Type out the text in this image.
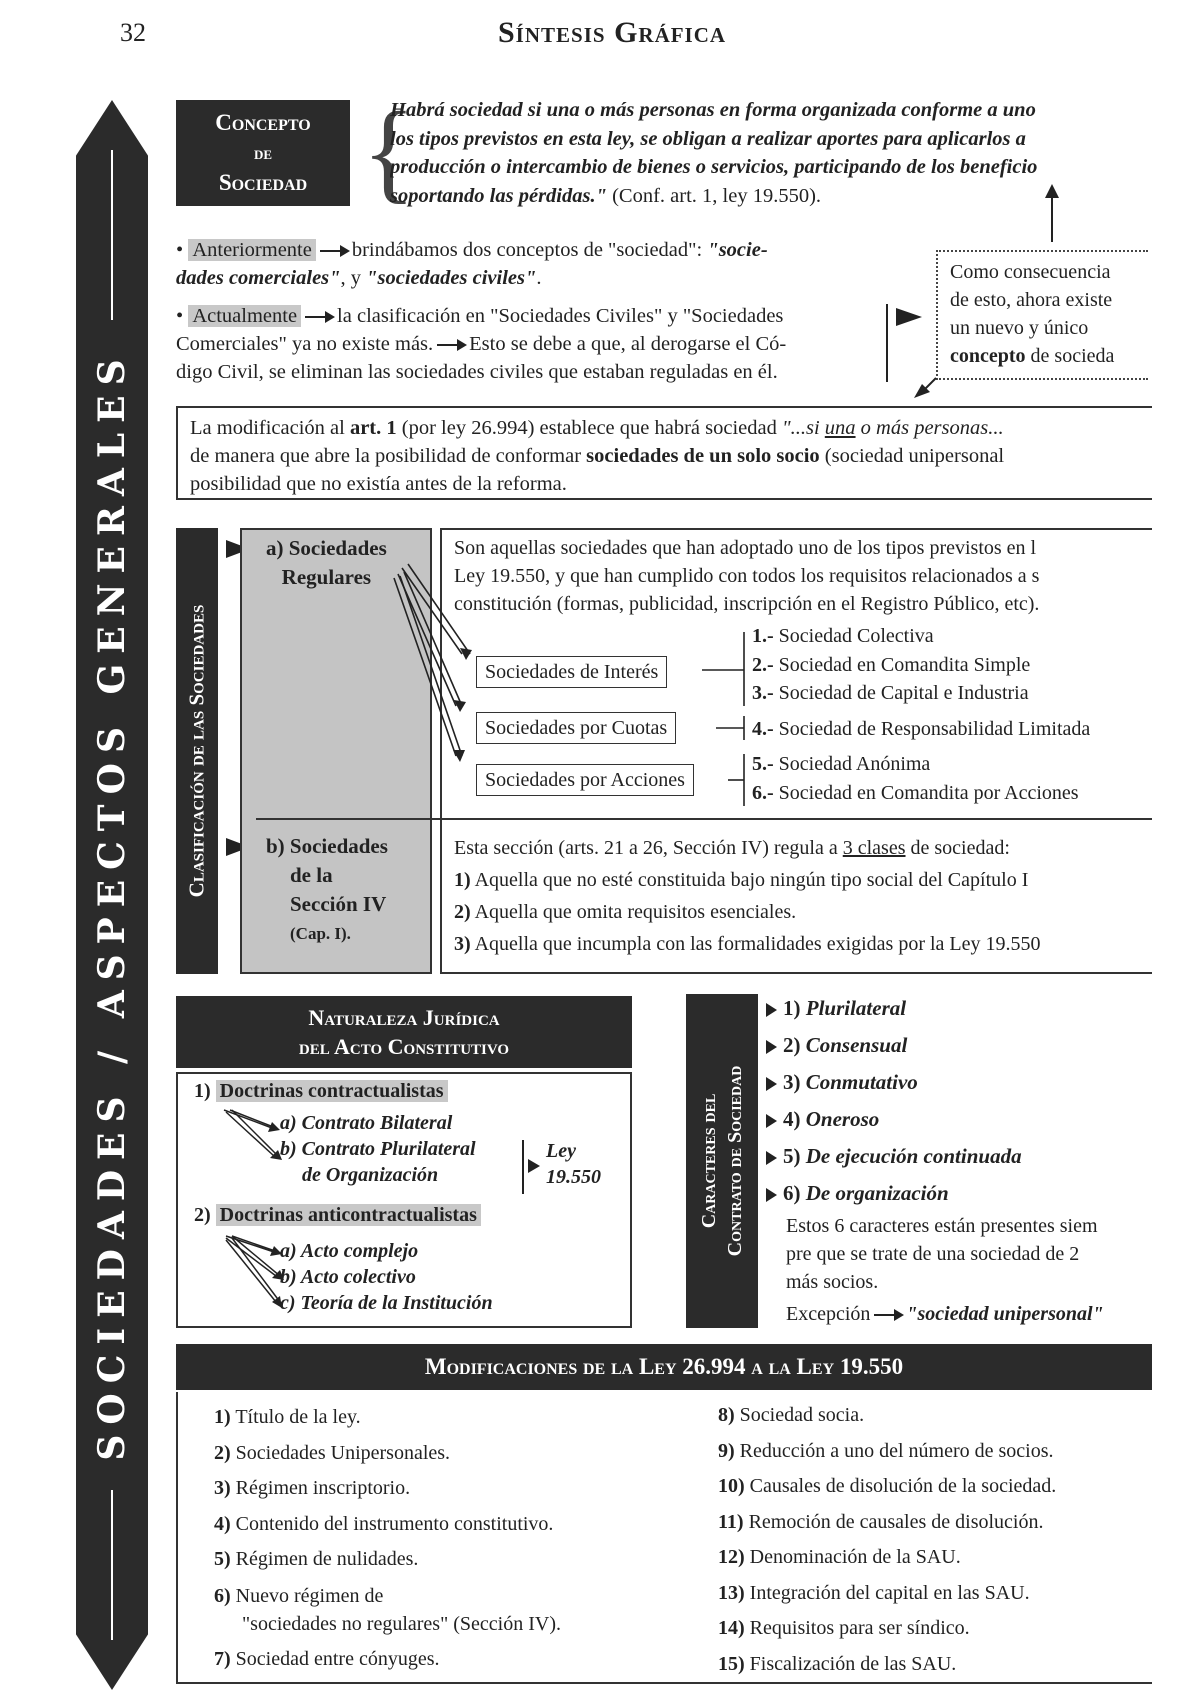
32	Síntesis Gráfica
SOCIEDADES / ASPECTOS GENERALES
Concepto
de
Sociedad {
Habrá sociedad si una o más personas en forma organizada conforme a uno
los tipos previstos en esta ley, se obligan a realizar aportes para aplicarlos a
producción o intercambio de bienes o servicios, participando de los beneficio
soportando las pérdidas." (Conf. art. 1, ley 19.550).
• Anteriormente brindábamos dos conceptos de "sociedad": "socie-
dades comerciales", y "sociedades civiles".
• Actualmente la clasificación en "Sociedades Civiles" y "Sociedades
Comerciales" ya no existe más. Esto se debe a que, al derogarse el Có-
digo Civil, se eliminan las sociedades civiles que estaban reguladas en él.
Como consecuencia
de esto, ahora existe
un nuevo y único
concepto de socieda
La modificación al art. 1 (por ley 26.994) establece que habrá sociedad "...si una o más personas...
de manera que abre la posibilidad de conformar sociedades de un solo socio (sociedad unipersonal
posibilidad que no existía antes de la reforma.
Clasificación de las Sociedades
a) Sociedades
Regulares
Son aquellas sociedades que han adoptado uno de los tipos previstos en l
Ley 19.550, y que han cumplido con todos los requisitos relacionados a s
constitución (formas, publicidad, inscripción en el Registro Público, etc).
Sociedades de Interés
Sociedades por Cuotas
Sociedades por Acciones
1.- Sociedad Colectiva
2.- Sociedad en Comandita Simple
3.- Sociedad de Capital e Industria
4.- Sociedad de Responsabilidad Limitada
5.- Sociedad Anónima
6.- Sociedad en Comandita por Acciones
b) Sociedades
de la
Sección IV
(Cap. I).
Esta sección (arts. 21 a 26, Sección IV) regula a 3 clases de sociedad:
1) Aquella que no esté constituida bajo ningún tipo social del Capítulo I
2) Aquella que omita requisitos esenciales.
3) Aquella que incumpla con las formalidades exigidas por la Ley 19.550
Naturaleza Jurídica
del Acto Constitutivo
1) Doctrinas contractualistas
a) Contrato Bilateral
b) Contrato Plurilateral
de Organización
Ley
19.550
2) Doctrinas anticontractualistas
a) Acto complejo
b) Acto colectivo
c) Teoría de la Institución
Caracteres del Contrato de Sociedad
1) Plurilateral
2) Consensual
3) Conmutativo
4) Oneroso
5) De ejecución continuada
6) De organización
Estos 6 caracteres están presentes siem
pre que se trate de una sociedad de 2
más socios.
Excepción "sociedad unipersonal"
Modificaciones de la Ley 26.994 a la Ley 19.550
1) Título de la ley.
2) Sociedades Unipersonales.
3) Régimen inscriptorio.
4) Contenido del instrumento constitutivo.
5) Régimen de nulidades.
6) Nuevo régimen de
"sociedades no regulares" (Sección IV).
7) Sociedad entre cónyuges.
8) Sociedad socia.
9) Reducción a uno del número de socios.
10) Causales de disolución de la sociedad.
11) Remoción de causales de disolución.
12) Denominación de la SAU.
13) Integración del capital en las SAU.
14) Requisitos para ser síndico.
15) Fiscalización de las SAU.
